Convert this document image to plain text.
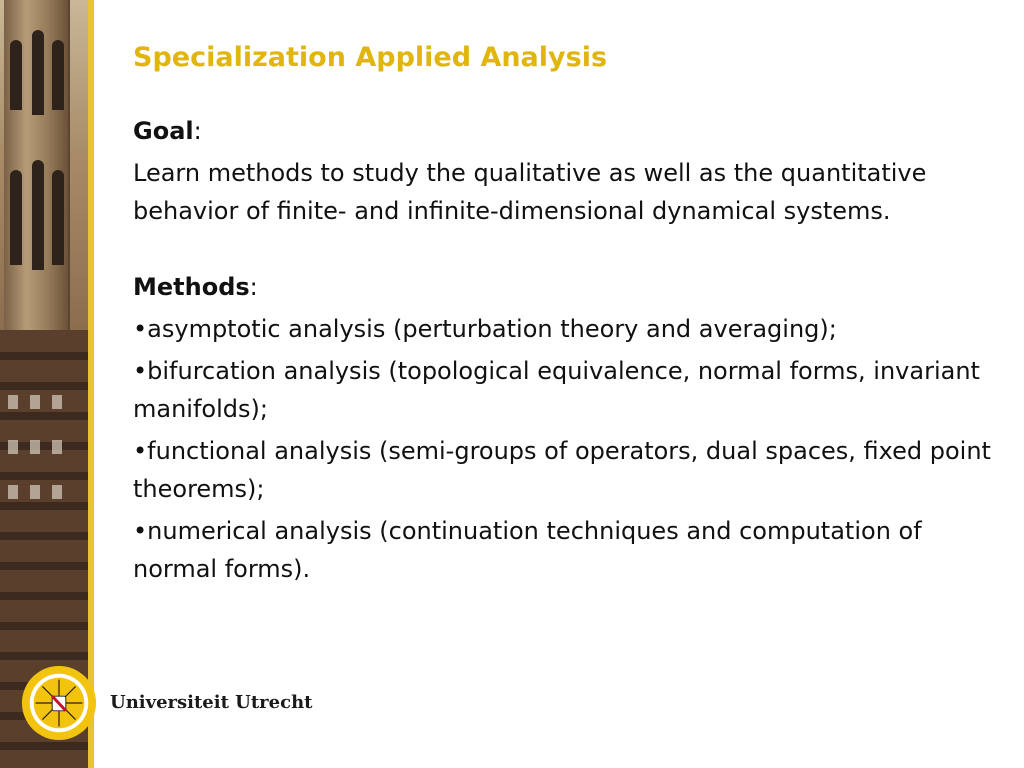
Specialization Applied Analysis

Goal:

Learn methods to study the qualitative as well as the quantitative behavior of finite- and infinite-dimensional dynamical systems.

Methods:

•asymptotic analysis (perturbation theory and averaging);

•bifurcation analysis (topological equivalence, normal forms, invariant manifolds);

•functional analysis (semi-groups of operators, dual spaces, fixed point theorems);

•numerical analysis (continuation techniques and computation of normal forms).

Universiteit Utrecht
